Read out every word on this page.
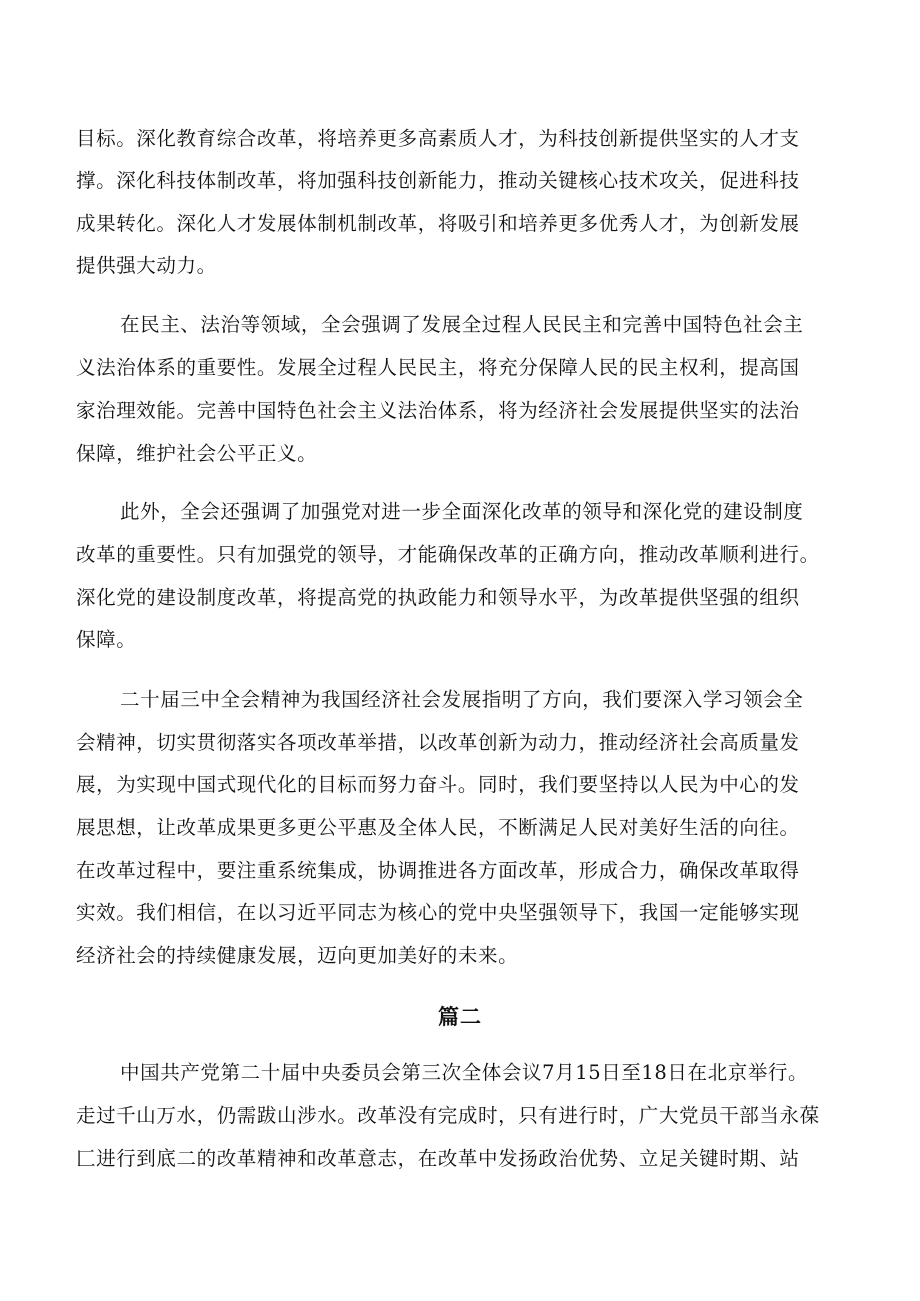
目标。深化教育综合改革，将培养更多高素质人才，为科技创新提供坚实的人才支
撑。深化科技体制改革，将加强科技创新能力，推动关键核心技术攻关，促进科技
成果转化。深化人才发展体制机制改革，将吸引和培养更多优秀人才，为创新发展
提供强大动力。
在民主、法治等领域，全会强调了发展全过程人民民主和完善中国特色社会主
义法治体系的重要性。发展全过程人民民主，将充分保障人民的民主权利，提高国
家治理效能。完善中国特色社会主义法治体系，将为经济社会发展提供坚实的法治
保障，维护社会公平正义。
此外，全会还强调了加强党对进一步全面深化改革的领导和深化党的建设制度
改革的重要性。只有加强党的领导，才能确保改革的正确方向，推动改革顺利进行。
深化党的建设制度改革，将提高党的执政能力和领导水平，为改革提供坚强的组织
保障。
二十届三中全会精神为我国经济社会发展指明了方向，我们要深入学习领会全
会精神，切实贯彻落实各项改革举措，以改革创新为动力，推动经济社会高质量发
展，为实现中国式现代化的目标而努力奋斗。同时，我们要坚持以人民为中心的发
展思想，让改革成果更多更公平惠及全体人民，不断满足人民对美好生活的向往。
在改革过程中，要注重系统集成，协调推进各方面改革，形成合力，确保改革取得
实效。我们相信，在以习近平同志为核心的党中央坚强领导下，我国一定能够实现
经济社会的持续健康发展，迈向更加美好的未来。
篇二
中国共产党第二十届中央委员会第三次全体会议7月15日至18日在北京举行。
走过千山万水，仍需跋山涉水。改革没有完成时，只有进行时，广大党员干部当永葆
匚进行到底二的改革精神和改革意志，在改革中发扬政治优势、立足关键时期、站
